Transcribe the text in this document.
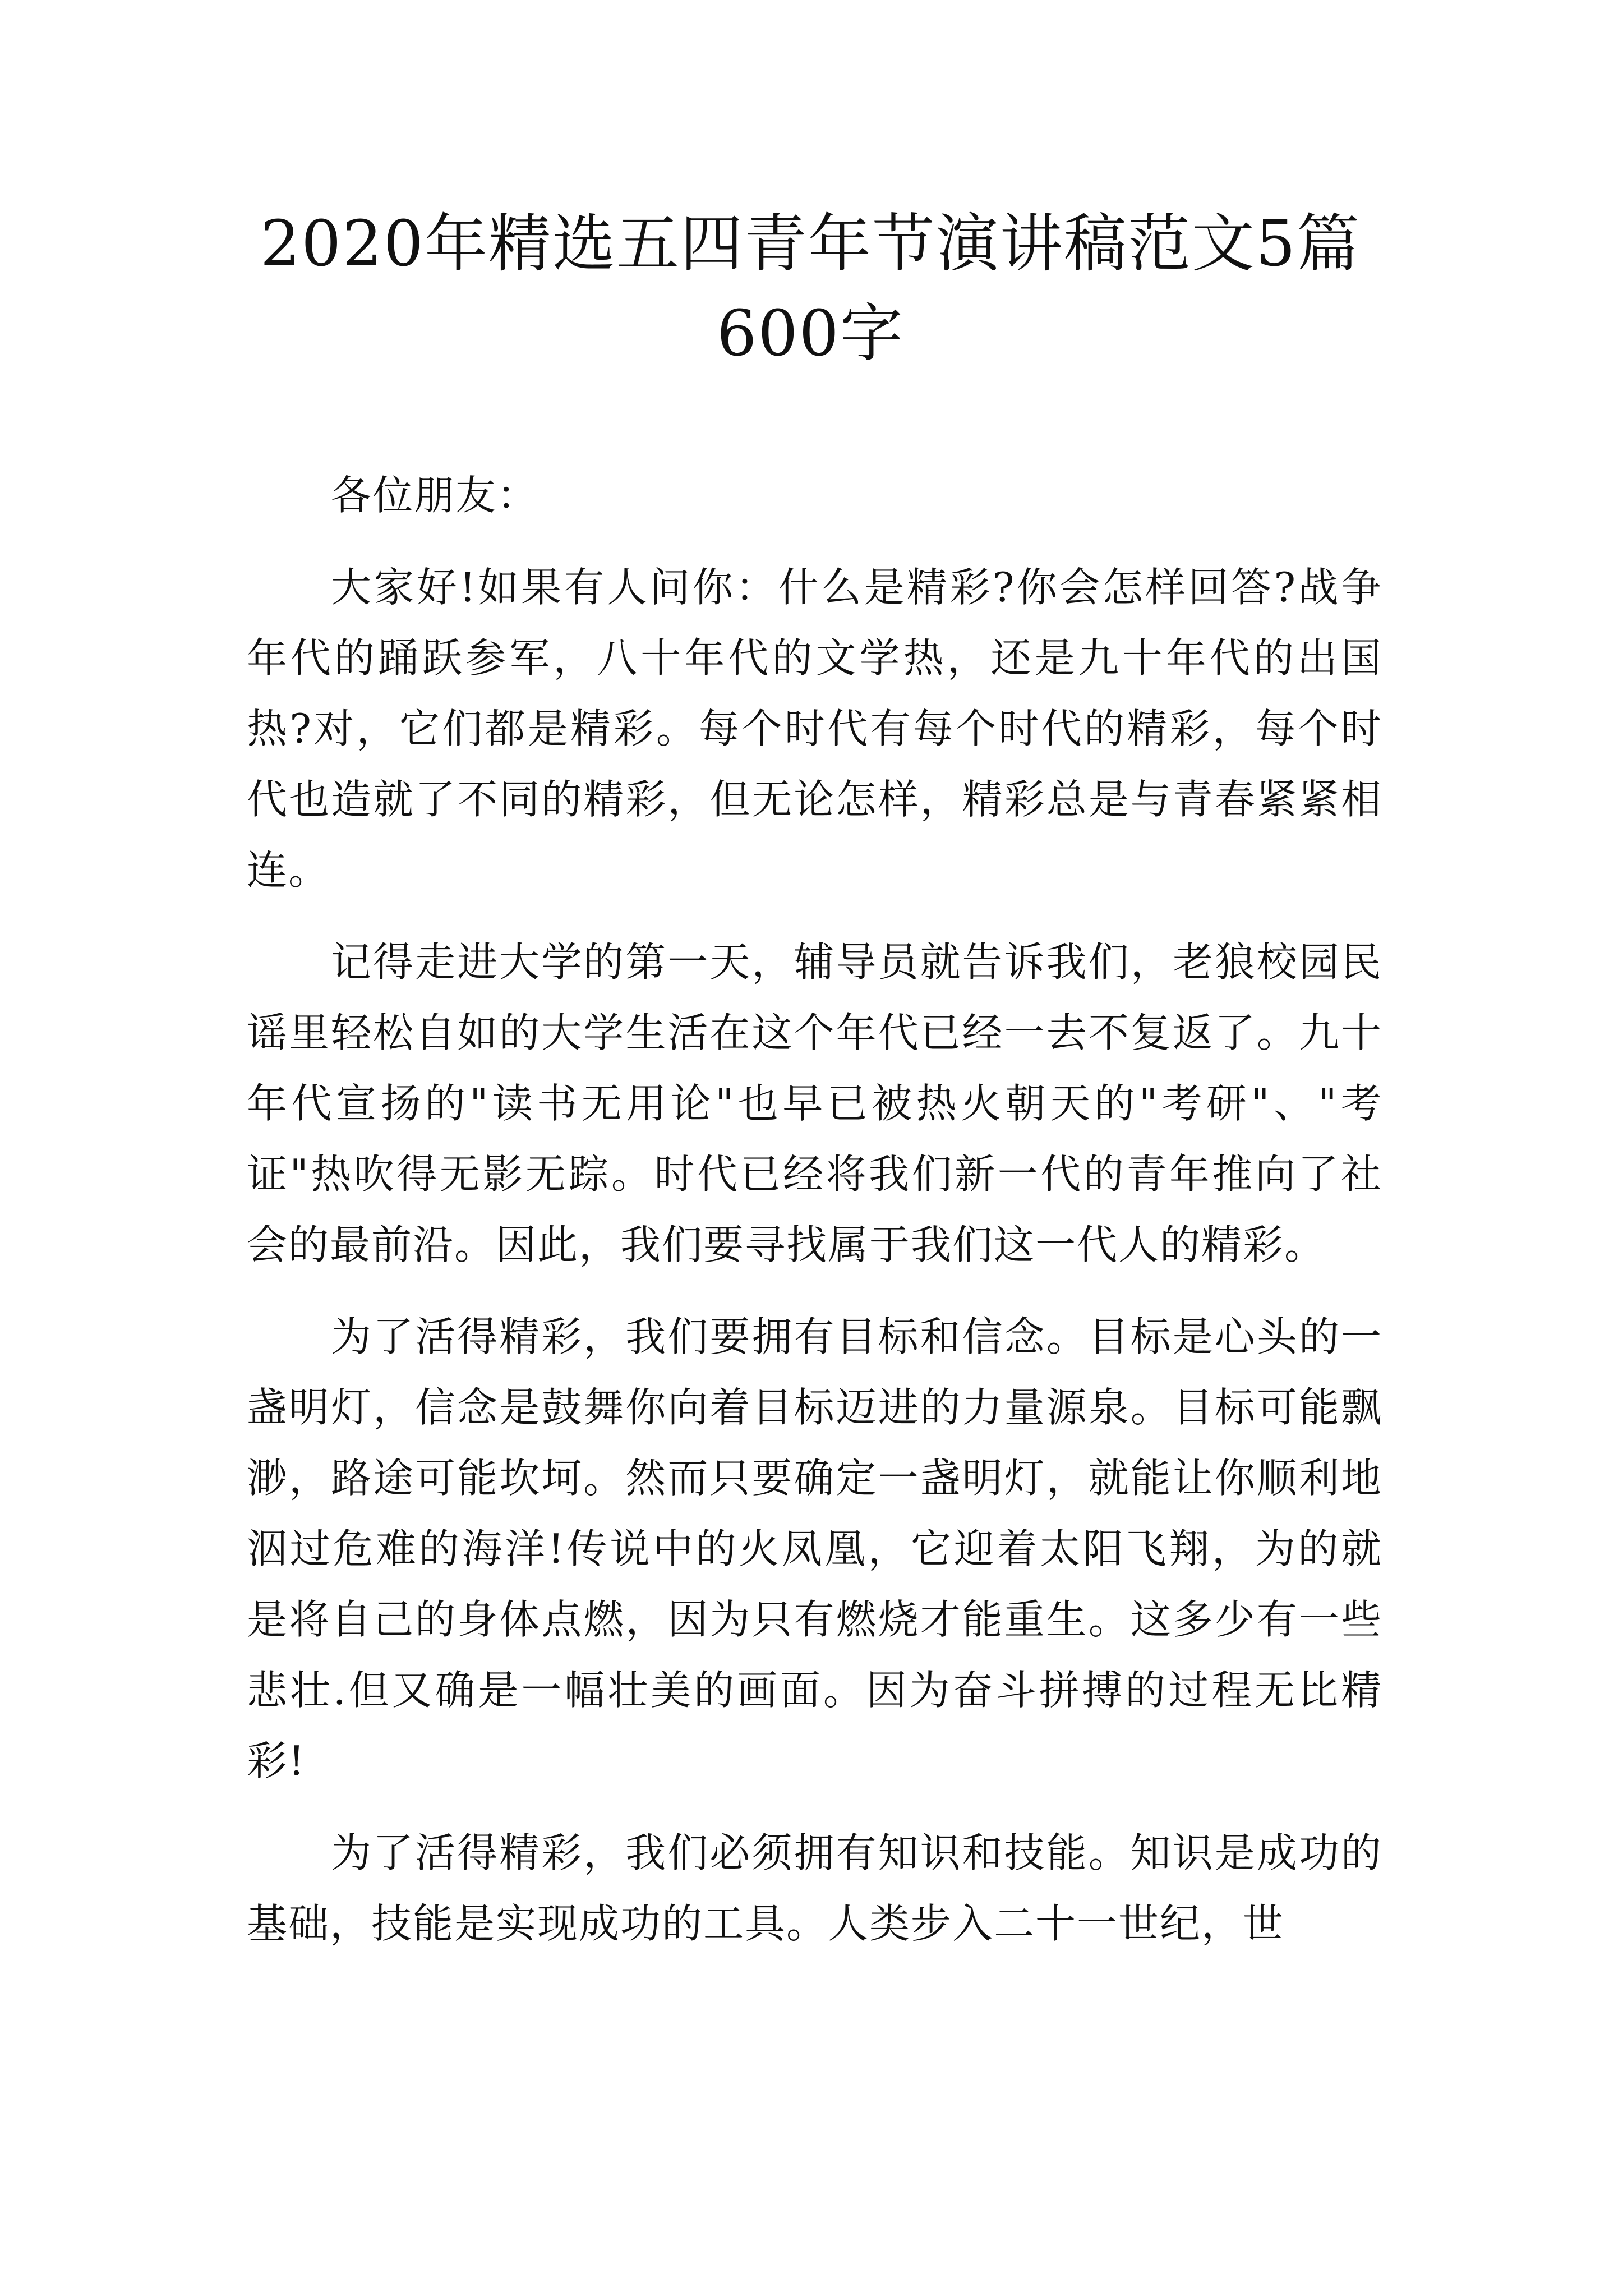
2020年精选五四青年节演讲稿范文5篇600字

各位朋友：

大家好!如果有人问你：什么是精彩?你会怎样回答?战争年代的踊跃参军，八十年代的文学热，还是九十年代的出国热?对，它们都是精彩。每个时代有每个时代的精彩，每个时代也造就了不同的精彩，但无论怎样，精彩总是与青春紧紧相连。

记得走进大学的第一天，辅导员就告诉我们，老狼校园民谣里轻松自如的大学生活在这个年代已经一去不复返了。九十年代宣扬的"读书无用论"也早已被热火朝天的"考研"、"考证"热吹得无影无踪。时代已经将我们新一代的青年推向了社会的最前沿。因此，我们要寻找属于我们这一代人的精彩。

为了活得精彩，我们要拥有目标和信念。目标是心头的一盏明灯，信念是鼓舞你向着目标迈进的力量源泉。目标可能飘渺，路途可能坎坷。然而只要确定一盏明灯，就能让你顺利地泅过危难的海洋!传说中的火凤凰，它迎着太阳飞翔，为的就是将自己的身体点燃，因为只有燃烧才能重生。这多少有一些悲壮.但又确是一幅壮美的画面。因为奋斗拼搏的过程无比精彩!

为了活得精彩，我们必须拥有知识和技能。知识是成功的基础，技能是实现成功的工具。人类步入二十一世纪，世
